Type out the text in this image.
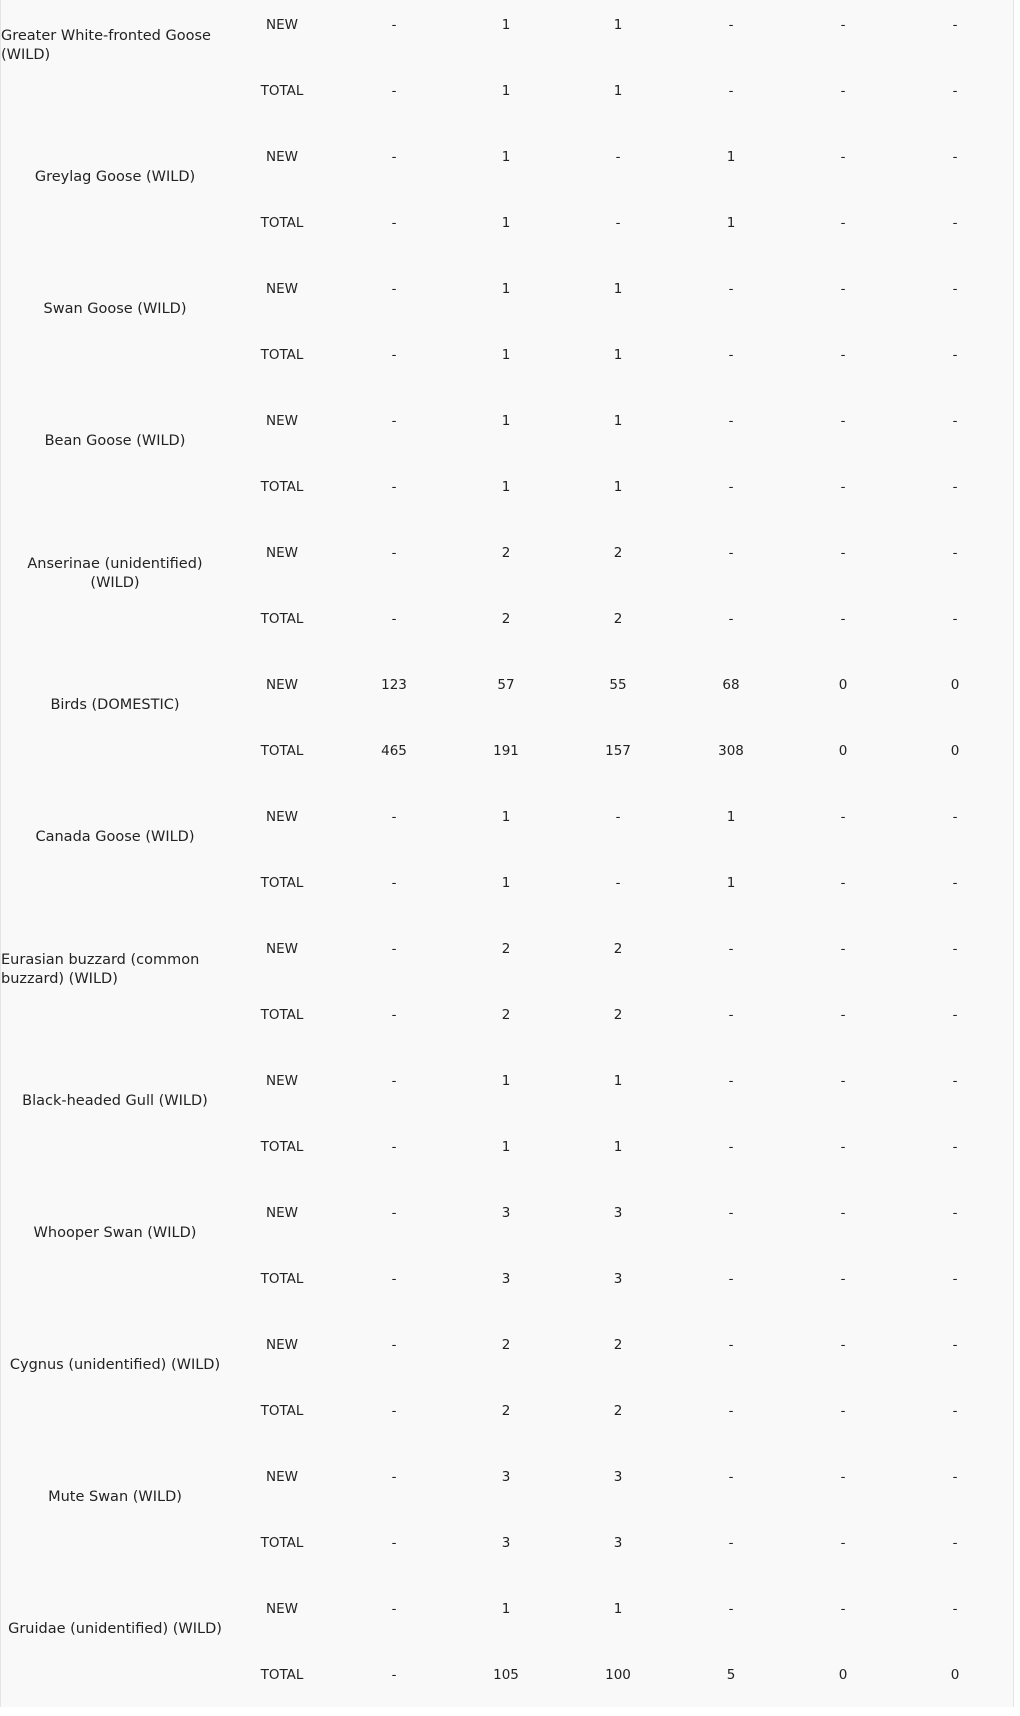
Greater White-fronted Goose (WILD)
NEW	-	1	1	-	-	-
TOTAL	-	1	1	-	-	-
Greylag Goose (WILD)
NEW	-	1	-	1	-	-
TOTAL	-	1	-	1	-	-
Swan Goose (WILD)
NEW	-	1	1	-	-	-
TOTAL	-	1	1	-	-	-
Bean Goose (WILD)
NEW	-	1	1	-	-	-
TOTAL	-	1	1	-	-	-
Anserinae (unidentified) (WILD)
NEW	-	2	2	-	-	-
TOTAL	-	2	2	-	-	-
Birds (DOMESTIC)
NEW	123	57	55	68	0	0
TOTAL	465	191	157	308	0	0
Canada Goose (WILD)
NEW	-	1	-	1	-	-
TOTAL	-	1	-	1	-	-
Eurasian buzzard (common buzzard) (WILD)
NEW	-	2	2	-	-	-
TOTAL	-	2	2	-	-	-
Black-headed Gull (WILD)
NEW	-	1	1	-	-	-
TOTAL	-	1	1	-	-	-
Whooper Swan (WILD)
NEW	-	3	3	-	-	-
TOTAL	-	3	3	-	-	-
Cygnus (unidentified) (WILD)
NEW	-	2	2	-	-	-
TOTAL	-	2	2	-	-	-
Mute Swan (WILD)
NEW	-	3	3	-	-	-
TOTAL	-	3	3	-	-	-
Gruidae (unidentified) (WILD)
NEW	-	1	1	-	-	-
TOTAL	-	105	100	5	0	0
